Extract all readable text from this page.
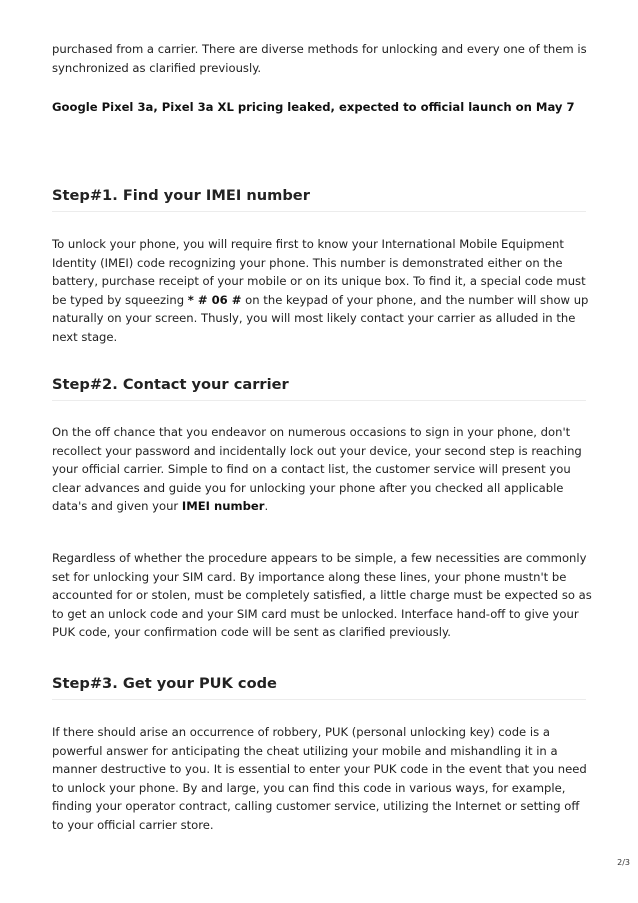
purchased from a carrier. There are diverse methods for unlocking and every one of them is synchronized as clarified previously.

Google Pixel 3a, Pixel 3a XL pricing leaked, expected to official launch on May 7

Step#1. Find your IMEI number

To unlock your phone, you will require first to know your International Mobile Equipment Identity (IMEI) code recognizing your phone. This number is demonstrated either on the battery, purchase receipt of your mobile or on its unique box. To find it, a special code must be typed by squeezing * # 06 # on the keypad of your phone, and the number will show up naturally on your screen. Thusly, you will most likely contact your carrier as alluded in the next stage.

Step#2. Contact your carrier

On the off chance that you endeavor on numerous occasions to sign in your phone, don't recollect your password and incidentally lock out your device, your second step is reaching your official carrier. Simple to find on a contact list, the customer service will present you clear advances and guide you for unlocking your phone after you checked all applicable data's and given your IMEI number.

Regardless of whether the procedure appears to be simple, a few necessities are commonly set for unlocking your SIM card. By importance along these lines, your phone mustn't be accounted for or stolen, must be completely satisfied, a little charge must be expected so as to get an unlock code and your SIM card must be unlocked. Interface hand-off to give your PUK code, your confirmation code will be sent as clarified previously.

Step#3. Get your PUK code

If there should arise an occurrence of robbery, PUK (personal unlocking key) code is a powerful answer for anticipating the cheat utilizing your mobile and mishandling it in a manner destructive to you. It is essential to enter your PUK code in the event that you need to unlock your phone. By and large, you can find this code in various ways, for example, finding your operator contract, calling customer service, utilizing the Internet or setting off to your official carrier store.

2/3
